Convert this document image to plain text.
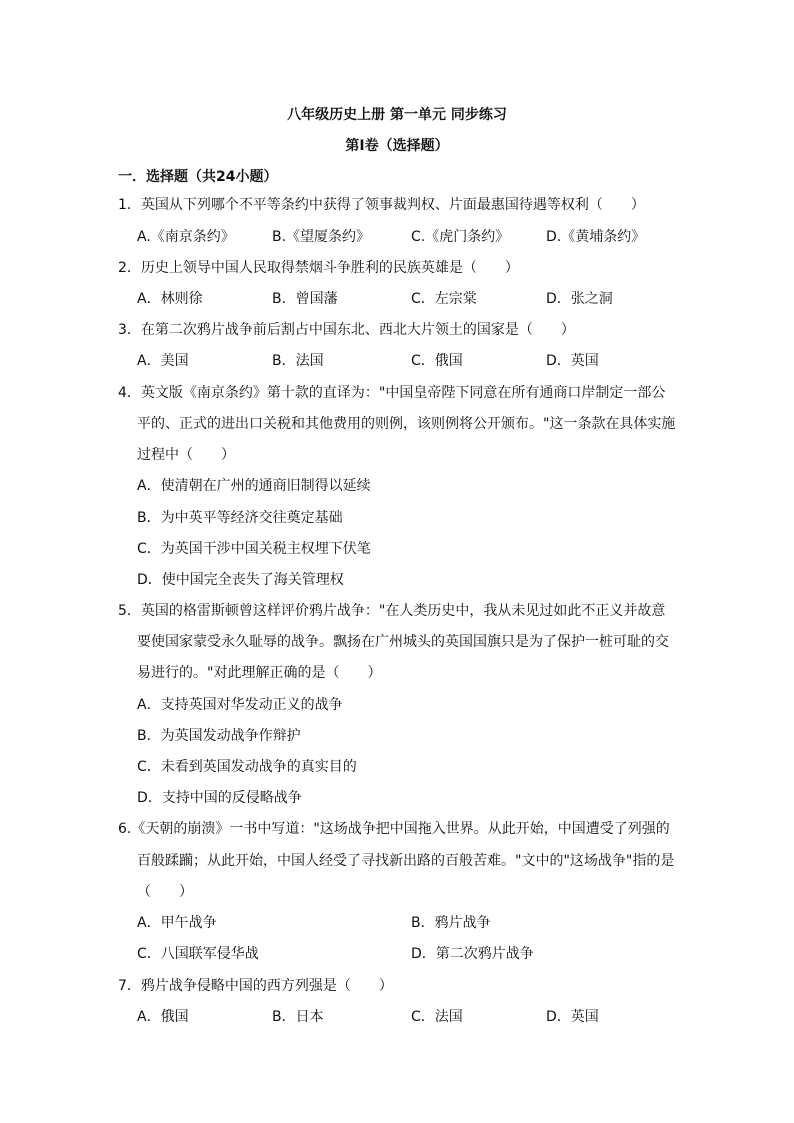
八年级历史上册 第一单元 同步练习
第Ⅰ卷（选择题）
一．选择题（共24小题）
1．英国从下列哪个不平等条约中获得了领事裁判权、片面最惠国待遇等权利（　　）
A.《南京条约》	B.《望厦条约》	C.《虎门条约》	D.《黄埔条约》
2．历史上领导中国人民取得禁烟斗争胜利的民族英雄是（　　）
A．林则徐	B．曾国藩	C．左宗棠	D．张之洞
3．在第二次鸦片战争前后割占中国东北、西北大片领土的国家是（　　）
A．美国	B．法国	C．俄国	D．英国
4．英文版《南京条约》第十款的直译为："中国皇帝陛下同意在所有通商口岸制定一部公
平的、正式的进出口关税和其他费用的则例，该则例将公开颁布。"这一条款在具体实施
过程中（　　）
A．使清朝在广州的通商旧制得以延续
B．为中英平等经济交往奠定基础
C．为英国干涉中国关税主权埋下伏笔
D．使中国完全丧失了海关管理权
5．英国的格雷斯顿曾这样评价鸦片战争："在人类历史中，我从未见过如此不正义并故意
要使国家蒙受永久耻辱的战争。飘扬在广州城头的英国国旗只是为了保护一桩可耻的交
易进行的。"对此理解正确的是（　　）
A．支持英国对华发动正义的战争
B．为英国发动战争作辩护
C．未看到英国发动战争的真实目的
D．支持中国的反侵略战争
6.《天朝的崩溃》一书中写道："这场战争把中国拖入世界。从此开始，中国遭受了列强的
百般蹂躏；从此开始，中国人经受了寻找新出路的百般苦难。"文中的"这场战争"指的是
（　　）
A．甲午战争	B．鸦片战争
C．八国联军侵华战	D．第二次鸦片战争
7．鸦片战争侵略中国的西方列强是（　　）
A．俄国	B．日本	C．法国	D．英国
